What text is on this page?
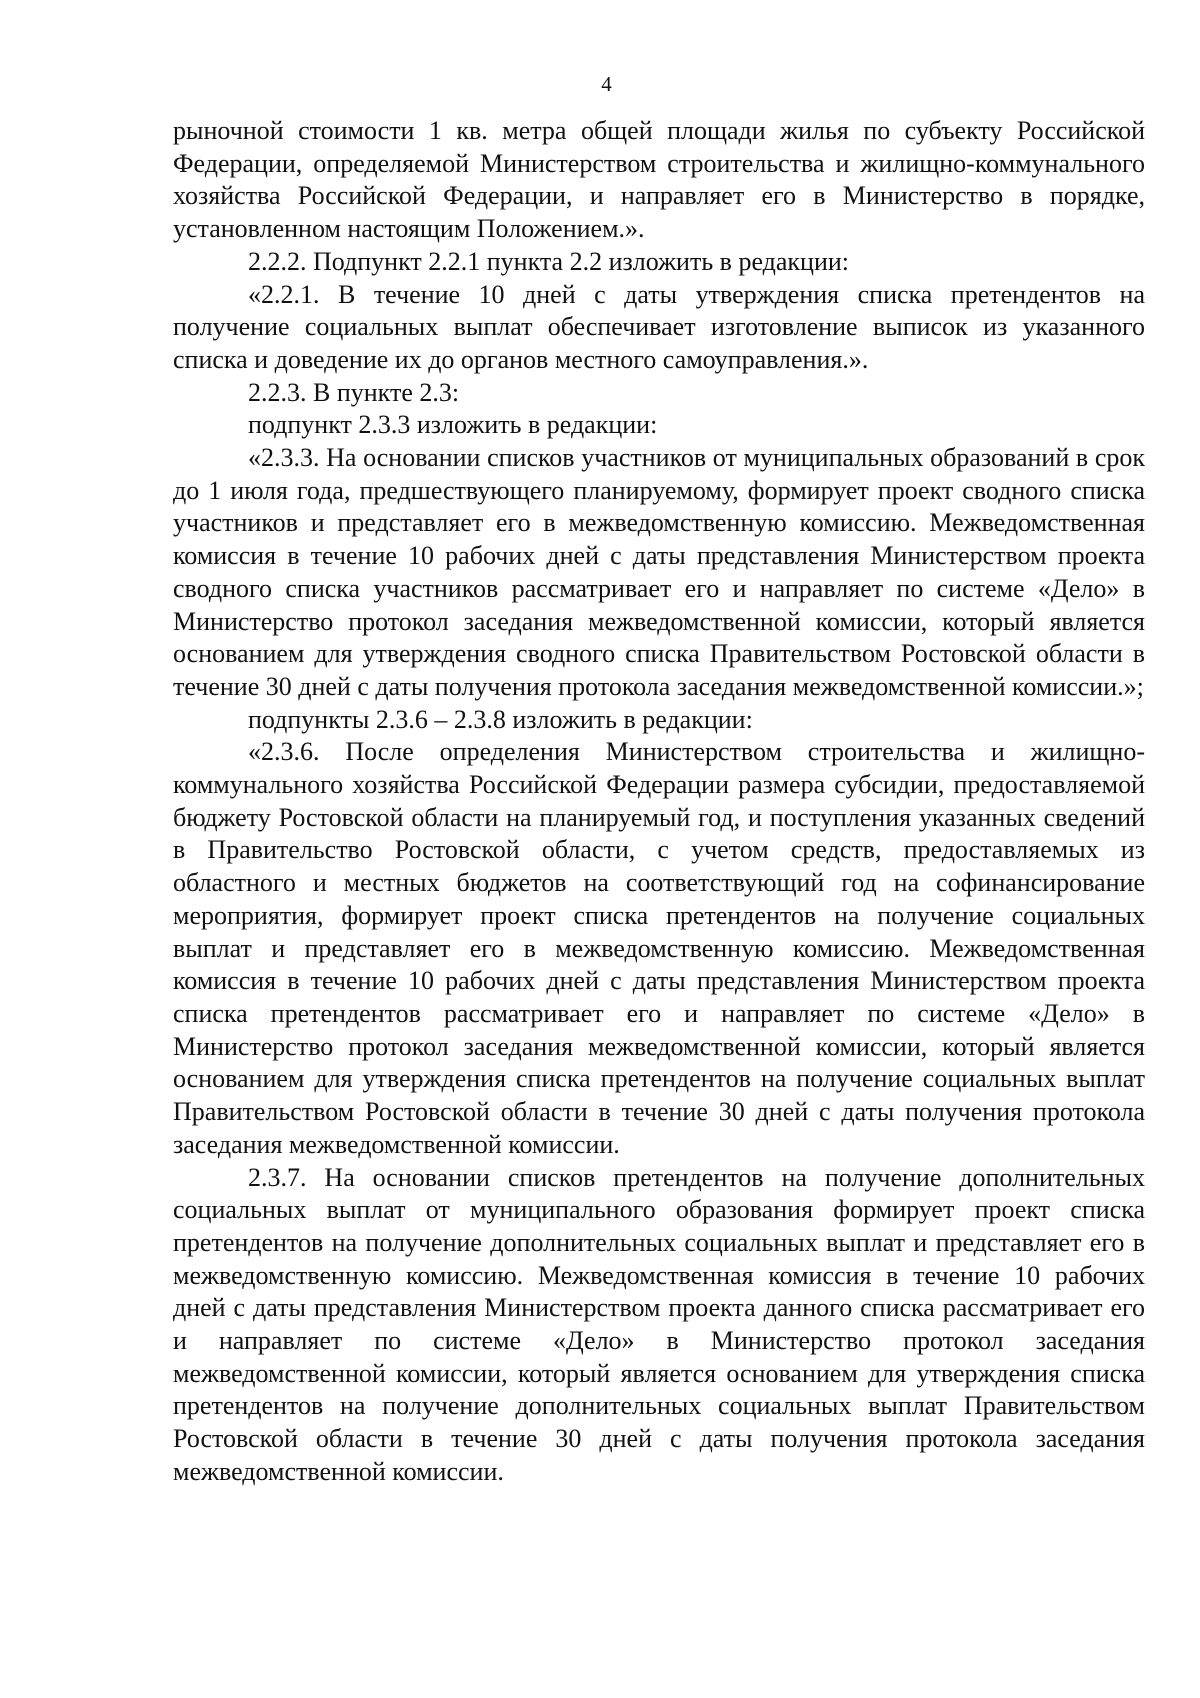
4

рыночной стоимости 1 кв. метра общей площади жилья по субъекту Российской Федерации, определяемой Министерством строительства и жилищно-коммунального хозяйства Российской Федерации, и направляет его в Министерство в порядке, установленном настоящим Положением.».

2.2.2. Подпункт 2.2.1 пункта 2.2 изложить в редакции:

«2.2.1. В течение 10 дней с даты утверждения списка претендентов на получение социальных выплат обеспечивает изготовление выписок из указанного списка и доведение их до органов местного самоуправления.».

2.2.3. В пункте 2.3:

подпункт 2.3.3 изложить в редакции:

«2.3.3. На основании списков участников от муниципальных образований в срок до 1 июля года, предшествующего планируемому, формирует проект сводного списка участников и представляет его в межведомственную комиссию. Межведомственная комиссия в течение 10 рабочих дней с даты представления Министерством проекта сводного списка участников рассматривает его и направляет по системе «Дело» в Министерство протокол заседания межведомственной комиссии, который является основанием для утверждения сводного списка Правительством Ростовской области в течение 30 дней с даты получения протокола заседания межведомственной комиссии.»;

подпункты 2.3.6 – 2.3.8 изложить в редакции:

«2.3.6. После определения Министерством строительства и жилищно-коммунального хозяйства Российской Федерации размера субсидии, предоставляемой бюджету Ростовской области на планируемый год, и поступления указанных сведений в Правительство Ростовской области, с учетом средств, предоставляемых из областного и местных бюджетов на соответствующий год на софинансирование мероприятия, формирует проект списка претендентов на получение социальных выплат и представляет его в межведомственную комиссию. Межведомственная комиссия в течение 10 рабочих дней с даты представления Министерством проекта списка претендентов рассматривает его и направляет по системе «Дело» в Министерство протокол заседания межведомственной комиссии, который является основанием для утверждения списка претендентов на получение социальных выплат Правительством Ростовской области в течение 30 дней с даты получения протокола заседания межведомственной комиссии.

2.3.7. На основании списков претендентов на получение дополнительных социальных выплат от муниципального образования формирует проект списка претендентов на получение дополнительных социальных выплат и представляет его в межведомственную комиссию. Межведомственная комиссия в течение 10 рабочих дней с даты представления Министерством проекта данного списка рассматривает его и направляет по системе «Дело» в Министерство протокол заседания межведомственной комиссии, который является основанием для утверждения списка претендентов на получение дополнительных социальных выплат Правительством Ростовской области в течение 30 дней с даты получения протокола заседания межведомственной комиссии.
